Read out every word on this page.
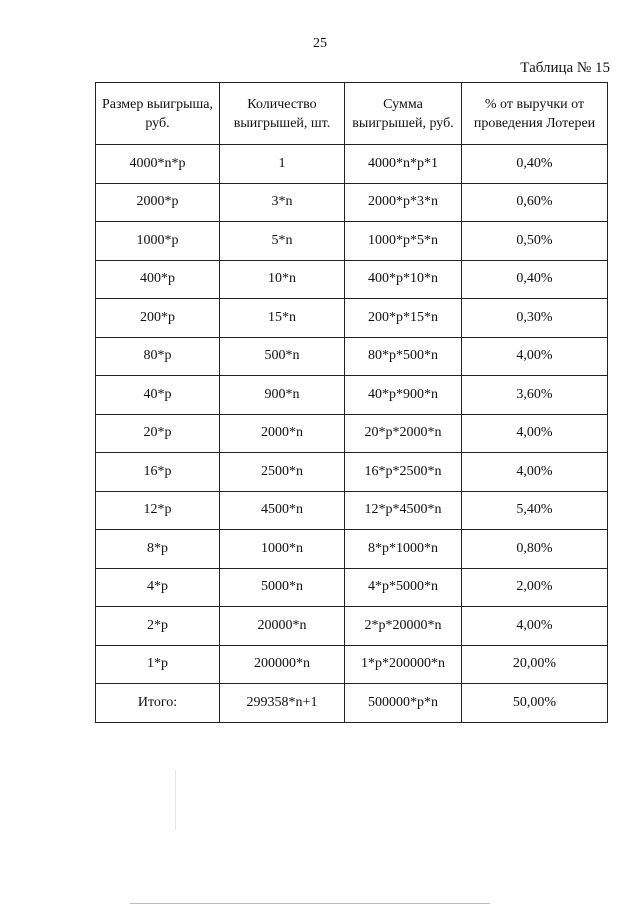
25
Таблица № 15
Размер выигрыша, руб.	Количество выигрышей, шт.	Сумма выигрышей, руб.	% от выручки от проведения Лотереи
4000*n*p	1	4000*n*p*1	0,40%
2000*p	3*n	2000*p*3*n	0,60%
1000*p	5*n	1000*p*5*n	0,50%
400*p	10*n	400*p*10*n	0,40%
200*p	15*n	200*p*15*n	0,30%
80*p	500*n	80*p*500*n	4,00%
40*p	900*n	40*p*900*n	3,60%
20*p	2000*n	20*p*2000*n	4,00%
16*p	2500*n	16*p*2500*n	4,00%
12*p	4500*n	12*p*4500*n	5,40%
8*p	1000*n	8*p*1000*n	0,80%
4*p	5000*n	4*p*5000*n	2,00%
2*p	20000*n	2*p*20000*n	4,00%
1*p	200000*n	1*p*200000*n	20,00%
Итого:	299358*n+1	500000*p*n	50,00%
